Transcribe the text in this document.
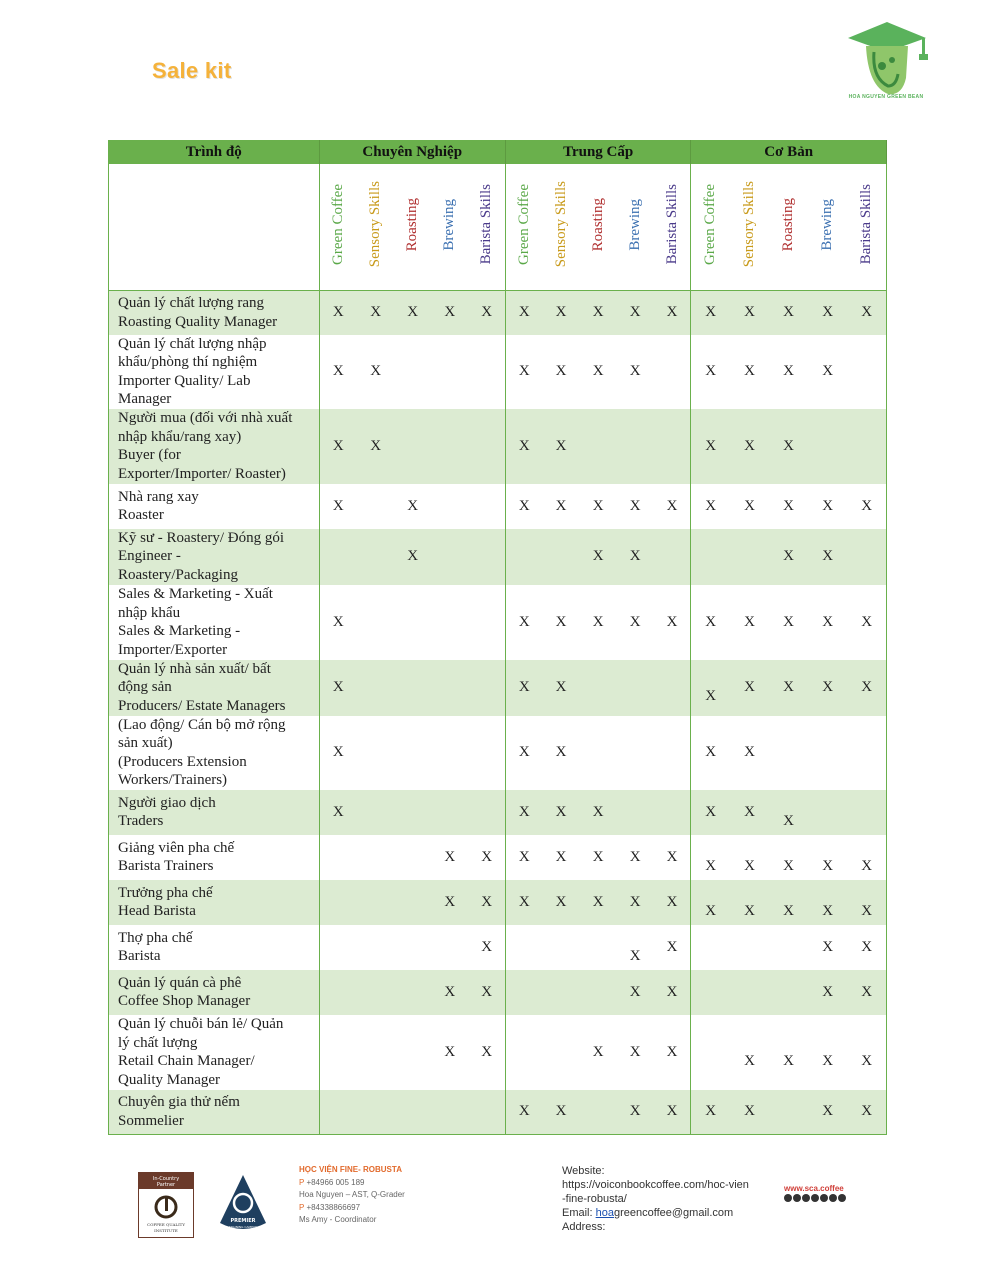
Sale kit
HOA NGUYEN GREEN BEAN
Trình độ	Chuyên Nghiệp					Trung Cấp					Cơ Bản				
	Green Coffee	Sensory Skills	Roasting	Brewing	Barista Skills	Green Coffee	Sensory Skills	Roasting	Brewing	Barista Skills	Green Coffee	Sensory Skills	Roasting	Brewing	Barista Skills

Quản lý chất lượng rang
Roasting Quality Manager	X	X	X	X	X	X	X	X	X	X	X	X	X	X	X

Quản lý chất lượng nhập
khẩu/phòng thí nghiệm
Importer Quality/ Lab
Manager	X	X				X	X	X	X		X	X	X	X	

Người mua (đối với nhà xuất
nhập khẩu/rang xay)
Buyer (for
Exporter/Importer/ Roaster)	X	X				X	X				X	X	X		

Nhà rang xay
Roaster	X		X			X	X	X	X	X	X	X	X	X	X

Kỹ sư - Roastery/ Đóng gói
Engineer -
Roastery/Packaging			X					X	X				X	X	

Sales & Marketing - Xuất
nhập khẩu
Sales & Marketing -
Importer/Exporter	X					X	X	X	X	X	X	X	X	X	X

Quản lý nhà sản xuất/ bất
động sản
Producers/ Estate Managers	X					X	X				X	X	X	X	X

(Lao động/ Cán bộ mở rộng
sản xuất)
(Producers Extension
Workers/Trainers)	X					X	X				X	X			

Người giao dịch
Traders	X					X	X	X			X	X	X		

Giảng viên pha chế
Barista Trainers				X	X	X	X	X	X	X	X	X	X	X	X

Trưởng pha chế
Head Barista				X	X	X	X	X	X	X	X	X	X	X	X

Thợ pha chế
Barista					X				X	X				X	X

Quản lý quán cà phê
Coffee Shop Manager				X	X				X	X				X	X

Quản lý chuỗi bán lẻ/ Quản
lý chất lượng
Retail Chain Manager/
Quality Manager				X	X			X	X	X		X	X	X	X

Chuyên gia thử nếm
Sommelier						X	X		X	X	X	X		X	X
In-Country
Partner
COFFEE QUALITY
INSTITUTE
PREMIER
TRAINING CAMPUS
HỌC VIỆN FINE- ROBUSTA
P +84966 005 189
Hoa Nguyen – AST, Q-Grader
P +84338866697
Ms Amy - Coordinator
Website:
https://voiconbookcoffee.com/hoc-vien-fine-robusta/
Email: hoagreencoffee@gmail.com
Address:
www.sca.coffee
